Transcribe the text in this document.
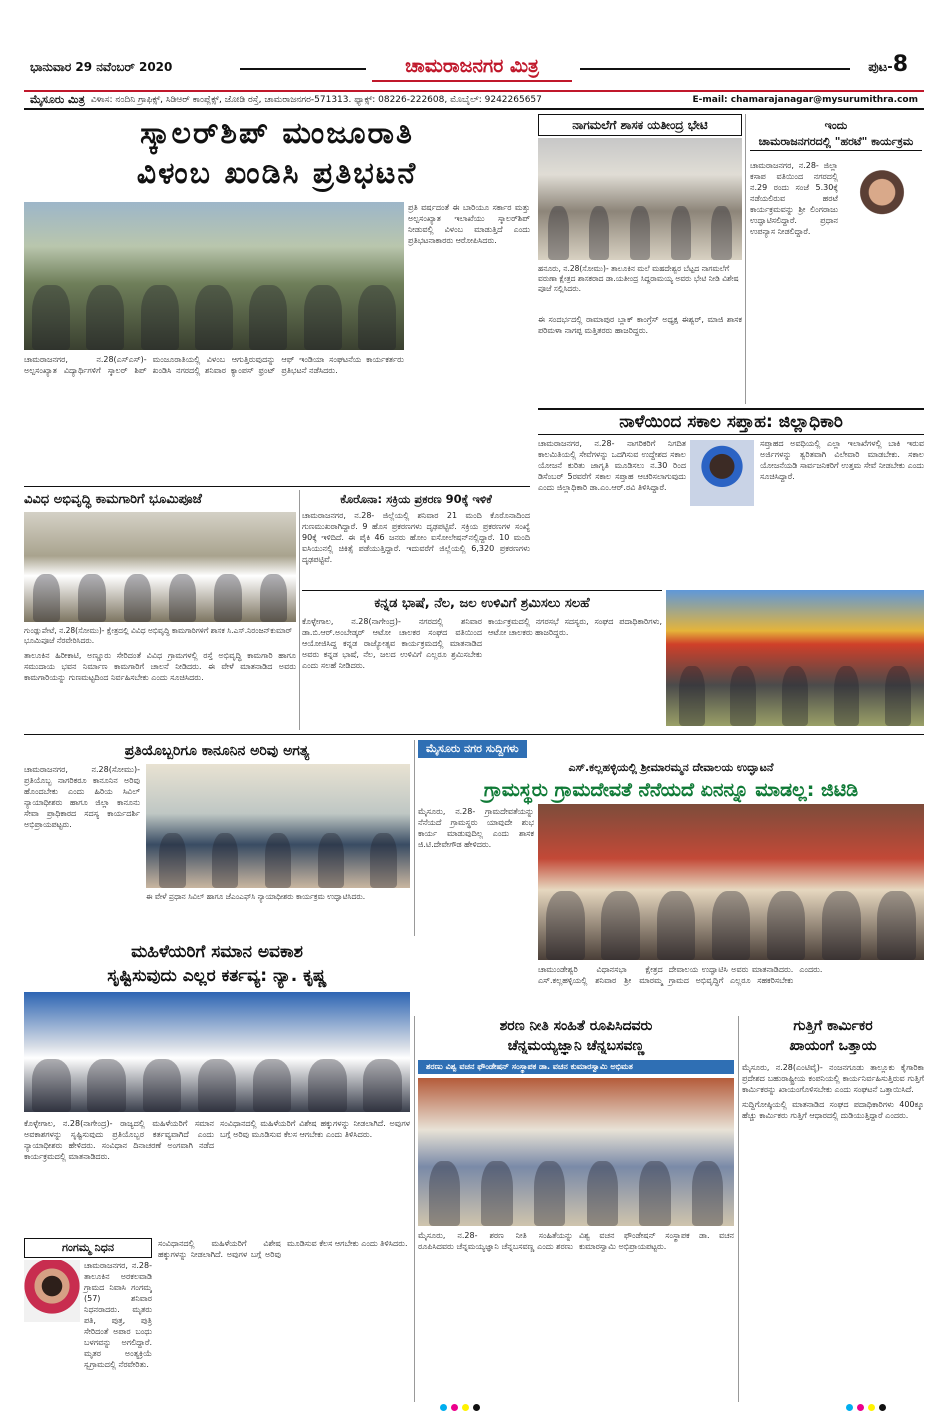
ಭಾನುವಾರ 29 ನವೆಂಬರ್ 2020	ಚಾಮರಾಜನಗರ ಮಿತ್ರ	ಪುಟ-8
ಮೈಸೂರು ಮಿತ್ರ ವಿಳಾಸ: ನಂದಿನಿ ಗ್ರಾಫಿಕ್ಸ್, ಸಿಡಿಆರ್ ಕಾಂಪ್ಲೆಕ್ಸ್, ಜೋಡಿ ರಸ್ತೆ, ಚಾಮರಾಜನಗರ-571313. ಫ್ಯಾಕ್ಸ್: 08226-222608, ಮೊಬೈಲ್: 9242265657	E-mail: chamarajanagar@mysurumithra.com
ಸ್ಕಾಲರ್‌ಶಿಪ್ ಮಂಜೂರಾತಿ
ವಿಳಂಬ ಖಂಡಿಸಿ ಪ್ರತಿಭಟನೆ
ಪ್ರತಿ ವರ್ಷದಂತೆ ಈ ಬಾರಿಯೂ ಸರ್ಕಾರ ಮತ್ತು ಅಲ್ಪಸಂಖ್ಯಾತ ಇಲಾಖೆಯು ಸ್ಕಾಲರ್‌ಶಿಪ್ ನೀಡುವಲ್ಲಿ ವಿಳಂಬ ಮಾಡುತ್ತಿದೆ ಎಂದು ಪ್ರತಿಭಟನಾಕಾರರು ಆರೋಪಿಸಿದರು.
ಚಾಮರಾಜನಗರ, ನ.28(ಎಸ್‌ಎಸ್)- ಅಲ್ಪಸಂಖ್ಯಾತ ವಿದ್ಯಾರ್ಥಿಗಳಿಗೆ ಸ್ಕಾಲರ್ ಶಿಪ್ ಮಂಜೂರಾತಿಯಲ್ಲಿ ವಿಳಂಬ ಆಗುತ್ತಿರುವುದನ್ನು ಖಂಡಿಸಿ ನಗರದಲ್ಲಿ ಶನಿವಾರ ಕ್ಯಾಂಪಸ್ ಫ್ರಂಟ್ ಆಫ್ ಇಂಡಿಯಾ ಸಂಘಟನೆಯ ಕಾರ್ಯಕರ್ತರು ಪ್ರತಿಭಟನೆ ನಡೆಸಿದರು.
ವಿವಿಧ ಅಭಿವೃದ್ಧಿ ಕಾಮಗಾರಿಗೆ ಭೂಮಿಪೂಜೆ
ಗುಂಡ್ಲುಪೇಟೆ, ನ.28(ಸೋಮು)- ಕ್ಷೇತ್ರದಲ್ಲಿ ವಿವಿಧ ಅಭಿವೃದ್ಧಿ ಕಾಮಗಾರಿಗಳಿಗೆ ಶಾಸಕ ಸಿ.ಎಸ್.ನಿರಂಜನ್‌ಕುಮಾರ್ ಭೂಮಿಪೂಜೆ ನೆರವೇರಿಸಿದರು.
ತಾಲೂಕಿನ ಹಿರೀಕಾಟಿ, ಅಣ್ಣೂರು ಸೇರಿದಂತೆ ವಿವಿಧ ಗ್ರಾಮಗಳಲ್ಲಿ ರಸ್ತೆ ಅಭಿವೃದ್ಧಿ ಕಾಮಗಾರಿ ಹಾಗೂ ಸಮುದಾಯ ಭವನ ನಿರ್ಮಾಣ ಕಾಮಗಾರಿಗೆ ಚಾಲನೆ ನೀಡಿದರು. ಈ ವೇಳೆ ಮಾತನಾಡಿದ ಅವರು ಕಾಮಗಾರಿಯನ್ನು ಗುಣಮಟ್ಟದಿಂದ ನಿರ್ವಹಿಸಬೇಕು ಎಂದು ಸೂಚಿಸಿದರು.
ಕೊರೊನಾ: ಸಕ್ರಿಯ ಪ್ರಕರಣ 90ಕ್ಕೆ ಇಳಿಕೆ
ಚಾಮರಾಜನಗರ, ನ.28- ಜಿಲ್ಲೆಯಲ್ಲಿ ಶನಿವಾರ 21 ಮಂದಿ ಕೊರೊನಾದಿಂದ ಗುಣಮುಖರಾಗಿದ್ದಾರೆ. 9 ಹೊಸ ಪ್ರಕರಣಗಳು ದೃಢಪಟ್ಟಿವೆ. ಸಕ್ರಿಯ ಪ್ರಕರಣಗಳ ಸಂಖ್ಯೆ 90ಕ್ಕೆ ಇಳಿದಿದೆ. ಈ ಪೈಕಿ 46 ಜನರು ಹೋಂ ಐಸೋಲೇಷನ್‌ನಲ್ಲಿದ್ದಾರೆ. 10 ಮಂದಿ ಐಸಿಯುನಲ್ಲಿ ಚಿಕಿತ್ಸೆ ಪಡೆಯುತ್ತಿದ್ದಾರೆ. ಇದುವರೆಗೆ ಜಿಲ್ಲೆಯಲ್ಲಿ 6,320 ಪ್ರಕರಣಗಳು ದೃಢಪಟ್ಟಿವೆ.
ನಾಗಮಲೆಗೆ ಶಾಸಕ ಯತೀಂದ್ರ ಭೇಟಿ
ಹನೂರು, ನ.28(ಸೋಮು)- ತಾಲೂಕಿನ ಮಲೆ ಮಹದೇಶ್ವರ ಬೆಟ್ಟದ ನಾಗಮಲೆಗೆ ವರುಣಾ ಕ್ಷೇತ್ರದ ಶಾಸಕರಾದ ಡಾ.ಯತೀಂದ್ರ ಸಿದ್ದರಾಮಯ್ಯ ಅವರು ಭೇಟಿ ನೀಡಿ ವಿಶೇಷ ಪೂಜೆ ಸಲ್ಲಿಸಿದರು.
ಈ ಸಂದರ್ಭದಲ್ಲಿ ರಾಮಾಪುರ ಬ್ಲಾಕ್ ಕಾಂಗ್ರೆಸ್ ಅಧ್ಯಕ್ಷ ಈಶ್ವರ್, ಮಾಜಿ ಶಾಸಕ ಪರಿಮಳಾ ನಾಗಪ್ಪ ಮತ್ತಿತರರು ಹಾಜರಿದ್ದರು.
ಇಂದು
ಚಾಮರಾಜನಗರದಲ್ಲಿ "ಹರಟೆ" ಕಾರ್ಯಕ್ರಮ
ಚಾಮರಾಜನಗರ, ನ.28- ಜಿಲ್ಲಾ ಕಸಾಪ ವತಿಯಿಂದ ನಗರದಲ್ಲಿ ನ.29 ರಂದು ಸಂಜೆ 5.30ಕ್ಕೆ ನಡೆಯಲಿರುವ ಹರಟೆ ಕಾರ್ಯಕ್ರಮವನ್ನು ಶ್ರೀ ಲಿಂಗರಾಜು ಉದ್ಘಾಟಿಸಲಿದ್ದಾರೆ. ಪ್ರಧಾನ ಉಪನ್ಯಾಸ ನೀಡಲಿದ್ದಾರೆ.
ನಾಳೆಯಿಂದ ಸಕಾಲ ಸಪ್ತಾಹ: ಜಿಲ್ಲಾಧಿಕಾರಿ
ಚಾಮರಾಜನಗರ, ನ.28- ನಾಗರಿಕರಿಗೆ ನಿಗದಿತ ಕಾಲಮಿತಿಯಲ್ಲಿ ಸೇವೆಗಳನ್ನು ಒದಗಿಸುವ ಉದ್ದೇಶದ ಸಕಾಲ ಯೋಜನೆ ಕುರಿತು ಜಾಗೃತಿ ಮೂಡಿಸಲು ನ.30 ರಿಂದ ಡಿಸೆಂಬರ್ 5ರವರೆಗೆ ಸಕಾಲ ಸಪ್ತಾಹ ಆಚರಿಸಲಾಗುವುದು ಎಂದು ಜಿಲ್ಲಾಧಿಕಾರಿ ಡಾ.ಎಂ.ಆರ್.ರವಿ ತಿಳಿಸಿದ್ದಾರೆ.
ಸಪ್ತಾಹದ ಅವಧಿಯಲ್ಲಿ ಎಲ್ಲಾ ಇಲಾಖೆಗಳಲ್ಲಿ ಬಾಕಿ ಇರುವ ಅರ್ಜಿಗಳನ್ನು ತ್ವರಿತವಾಗಿ ವಿಲೇವಾರಿ ಮಾಡಬೇಕು. ಸಕಾಲ ಯೋಜನೆಯಡಿ ಸಾರ್ವಜನಿಕರಿಗೆ ಉತ್ತಮ ಸೇವೆ ನೀಡಬೇಕು ಎಂದು ಸೂಚಿಸಿದ್ದಾರೆ.
ಕನ್ನಡ ಭಾಷೆ, ನೆಲ, ಜಲ ಉಳಿವಿಗೆ ಶ್ರಮಿಸಲು ಸಲಹೆ
ಕೊಳ್ಳೇಗಾಲ, ನ.28(ನಾಗೇಂದ್ರ)- ನಗರದಲ್ಲಿ ಶನಿವಾರ ಡಾ.ಬಿ.ಆರ್.ಅಂಬೇಡ್ಕರ್ ಆಟೋ ಚಾಲಕರ ಸಂಘದ ವತಿಯಿಂದ ಆಯೋಜಿಸಿದ್ದ ಕನ್ನಡ ರಾಜ್ಯೋತ್ಸವ ಕಾರ್ಯಕ್ರಮದಲ್ಲಿ ಮಾತನಾಡಿದ ಅವರು ಕನ್ನಡ ಭಾಷೆ, ನೆಲ, ಜಲದ ಉಳಿವಿಗೆ ಎಲ್ಲರೂ ಶ್ರಮಿಸಬೇಕು ಎಂದು ಸಲಹೆ ನೀಡಿದರು.
ಕಾರ್ಯಕ್ರಮದಲ್ಲಿ ನಗರಸಭೆ ಸದಸ್ಯರು, ಸಂಘದ ಪದಾಧಿಕಾರಿಗಳು, ಆಟೋ ಚಾಲಕರು ಹಾಜರಿದ್ದರು.
ಪ್ರತಿಯೊಬ್ಬರಿಗೂ ಕಾನೂನಿನ ಅರಿವು ಅಗತ್ಯ
ಚಾಮರಾಜನಗರ, ನ.28(ಸೋಮು)- ಪ್ರತಿಯೊಬ್ಬ ನಾಗರಿಕರೂ ಕಾನೂನಿನ ಅರಿವು ಹೊಂದಬೇಕು ಎಂದು ಹಿರಿಯ ಸಿವಿಲ್ ನ್ಯಾಯಾಧೀಶರು ಹಾಗೂ ಜಿಲ್ಲಾ ಕಾನೂನು ಸೇವಾ ಪ್ರಾಧಿಕಾರದ ಸದಸ್ಯ ಕಾರ್ಯದರ್ಶಿ ಅಭಿಪ್ರಾಯಪಟ್ಟರು.
ಈ ವೇಳೆ ಪ್ರಧಾನ ಸಿವಿಲ್ ಹಾಗೂ ಜೆಎಂಎಫ್‌ಸಿ ನ್ಯಾಯಾಧೀಶರು ಕಾರ್ಯಕ್ರಮ ಉದ್ಘಾಟಿಸಿದರು.
ಮೈಸೂರು ನಗರ ಸುದ್ದಿಗಳು
ಎಸ್.ಕಲ್ಲಹಳ್ಳಿಯಲ್ಲಿ ಶ್ರೀಮಾರಮ್ಮನ ದೇವಾಲಯ ಉದ್ಘಾಟನೆ
ಗ್ರಾಮಸ್ಥರು ಗ್ರಾಮದೇವತೆ ನೆನೆಯದೆ ಏನನ್ನೂ ಮಾಡಲ್ಲ: ಜಿಟಿಡಿ
ಮೈಸೂರು, ನ.28- ಗ್ರಾಮದೇವತೆಯನ್ನು ನೆನೆಯದೆ ಗ್ರಾಮಸ್ಥರು ಯಾವುದೇ ಶುಭ ಕಾರ್ಯ ಮಾಡುವುದಿಲ್ಲ ಎಂದು ಶಾಸಕ ಜಿ.ಟಿ.ದೇವೇಗೌಡ ಹೇಳಿದರು.
ಚಾಮುಂಡೇಶ್ವರಿ ವಿಧಾನಸಭಾ ಕ್ಷೇತ್ರದ ಎಸ್.ಕಲ್ಲಹಳ್ಳಿಯಲ್ಲಿ ಶನಿವಾರ ಶ್ರೀ ಮಾರಮ್ಮ ದೇವಾಲಯ ಉದ್ಘಾಟಿಸಿ ಅವರು ಮಾತನಾಡಿದರು. ಗ್ರಾಮದ ಅಭಿವೃದ್ಧಿಗೆ ಎಲ್ಲರೂ ಸಹಕರಿಸಬೇಕು ಎಂದರು.
ಮಹಿಳೆಯರಿಗೆ ಸಮಾನ ಅವಕಾಶ
ಸೃಷ್ಟಿಸುವುದು ಎಲ್ಲರ ಕರ್ತವ್ಯ: ನ್ಯಾ. ಕೃಷ್ಣ
ಕೊಳ್ಳೇಗಾಲ, ನ.28(ನಾಗೇಂದ್ರ)- ರಾಜ್ಯದಲ್ಲಿ ಮಹಿಳೆಯರಿಗೆ ಸಮಾನ ಅವಕಾಶಗಳನ್ನು ಸೃಷ್ಟಿಸುವುದು ಪ್ರತಿಯೊಬ್ಬರ ಕರ್ತವ್ಯವಾಗಿದೆ ಎಂದು ನ್ಯಾಯಾಧೀಶರು ಹೇಳಿದರು. ಸಂವಿಧಾನ ದಿನಾಚರಣೆ ಅಂಗವಾಗಿ ನಡೆದ ಕಾರ್ಯಕ್ರಮದಲ್ಲಿ ಮಾತನಾಡಿದರು.
ಸಂವಿಧಾನದಲ್ಲಿ ಮಹಿಳೆಯರಿಗೆ ವಿಶೇಷ ಹಕ್ಕುಗಳನ್ನು ನೀಡಲಾಗಿದೆ. ಅವುಗಳ ಬಗ್ಗೆ ಅರಿವು ಮೂಡಿಸುವ ಕೆಲಸ ಆಗಬೇಕು ಎಂದು ತಿಳಿಸಿದರು.
ಗಂಗಮ್ಮ ನಿಧನ
ಚಾಮರಾಜನಗರ, ನ.28- ತಾಲೂಕಿನ ಅರಕಲವಾಡಿ ಗ್ರಾಮದ ನಿವಾಸಿ ಗಂಗಮ್ಮ (57) ಶನಿವಾರ ನಿಧನರಾದರು. ಮೃತರು ಪತಿ, ಪುತ್ರ, ಪುತ್ರಿ ಸೇರಿದಂತೆ ಅಪಾರ ಬಂಧು ಬಳಗವನ್ನು ಅಗಲಿದ್ದಾರೆ. ಮೃತರ ಅಂತ್ಯಕ್ರಿಯೆ ಸ್ವಗ್ರಾಮದಲ್ಲಿ ನೆರವೇರಿತು.
ಸಂವಿಧಾನದಲ್ಲಿ ಮಹಿಳೆಯರಿಗೆ ವಿಶೇಷ ಹಕ್ಕುಗಳನ್ನು ನೀಡಲಾಗಿದೆ. ಅವುಗಳ ಬಗ್ಗೆ ಅರಿವು ಮೂಡಿಸುವ ಕೆಲಸ ಆಗಬೇಕು ಎಂದು ತಿಳಿಸಿದರು.
ಶರಣ ನೀತಿ ಸಂಹಿತೆ ರೂಪಿಸಿದವರು
ಚೆನ್ನಮಯ್ಯಜ್ಞಾನಿ ಚೆನ್ನಬಸವಣ್ಣ
ಶರಣು ವಿಶ್ವ ವಚನ ಫೌಂಡೇಷನ್ ಸಂಸ್ಥಾಪಕ ಡಾ. ವಚನ ಕುಮಾರಸ್ವಾಮಿ ಅಭಿಮತ
ಮೈಸೂರು, ನ.28- ಶರಣ ನೀತಿ ಸಂಹಿತೆಯನ್ನು ರೂಪಿಸಿದವರು ಚೆನ್ನಮಯ್ಯಜ್ಞಾನಿ ಚೆನ್ನಬಸವಣ್ಣ ಎಂದು ಶರಣು ವಿಶ್ವ ವಚನ ಫೌಂಡೇಷನ್ ಸಂಸ್ಥಾಪಕ ಡಾ. ವಚನ ಕುಮಾರಸ್ವಾಮಿ ಅಭಿಪ್ರಾಯಪಟ್ಟರು.
ಗುತ್ತಿಗೆ ಕಾರ್ಮಿಕರ
ಖಾಯಂಗೆ ಒತ್ತಾಯ
ಮೈಸೂರು, ನ.28(ಎಂಟಿವೈ)- ನಂಜನಗೂಡು ತಾಲ್ಲೂಕು ಕೈಗಾರಿಕಾ ಪ್ರದೇಶದ ಬಹುರಾಷ್ಟ್ರೀಯ ಕಂಪನಿಯಲ್ಲಿ ಕಾರ್ಯನಿರ್ವಹಿಸುತ್ತಿರುವ ಗುತ್ತಿಗೆ ಕಾರ್ಮಿಕರನ್ನು ಖಾಯಂಗೊಳಿಸಬೇಕು ಎಂದು ಸಂಘಟನೆ ಒತ್ತಾಯಿಸಿದೆ.
ಸುದ್ದಿಗೋಷ್ಠಿಯಲ್ಲಿ ಮಾತನಾಡಿದ ಸಂಘದ ಪದಾಧಿಕಾರಿಗಳು 400ಕ್ಕೂ ಹೆಚ್ಚು ಕಾರ್ಮಿಕರು ಗುತ್ತಿಗೆ ಆಧಾರದಲ್ಲಿ ದುಡಿಯುತ್ತಿದ್ದಾರೆ ಎಂದರು.
